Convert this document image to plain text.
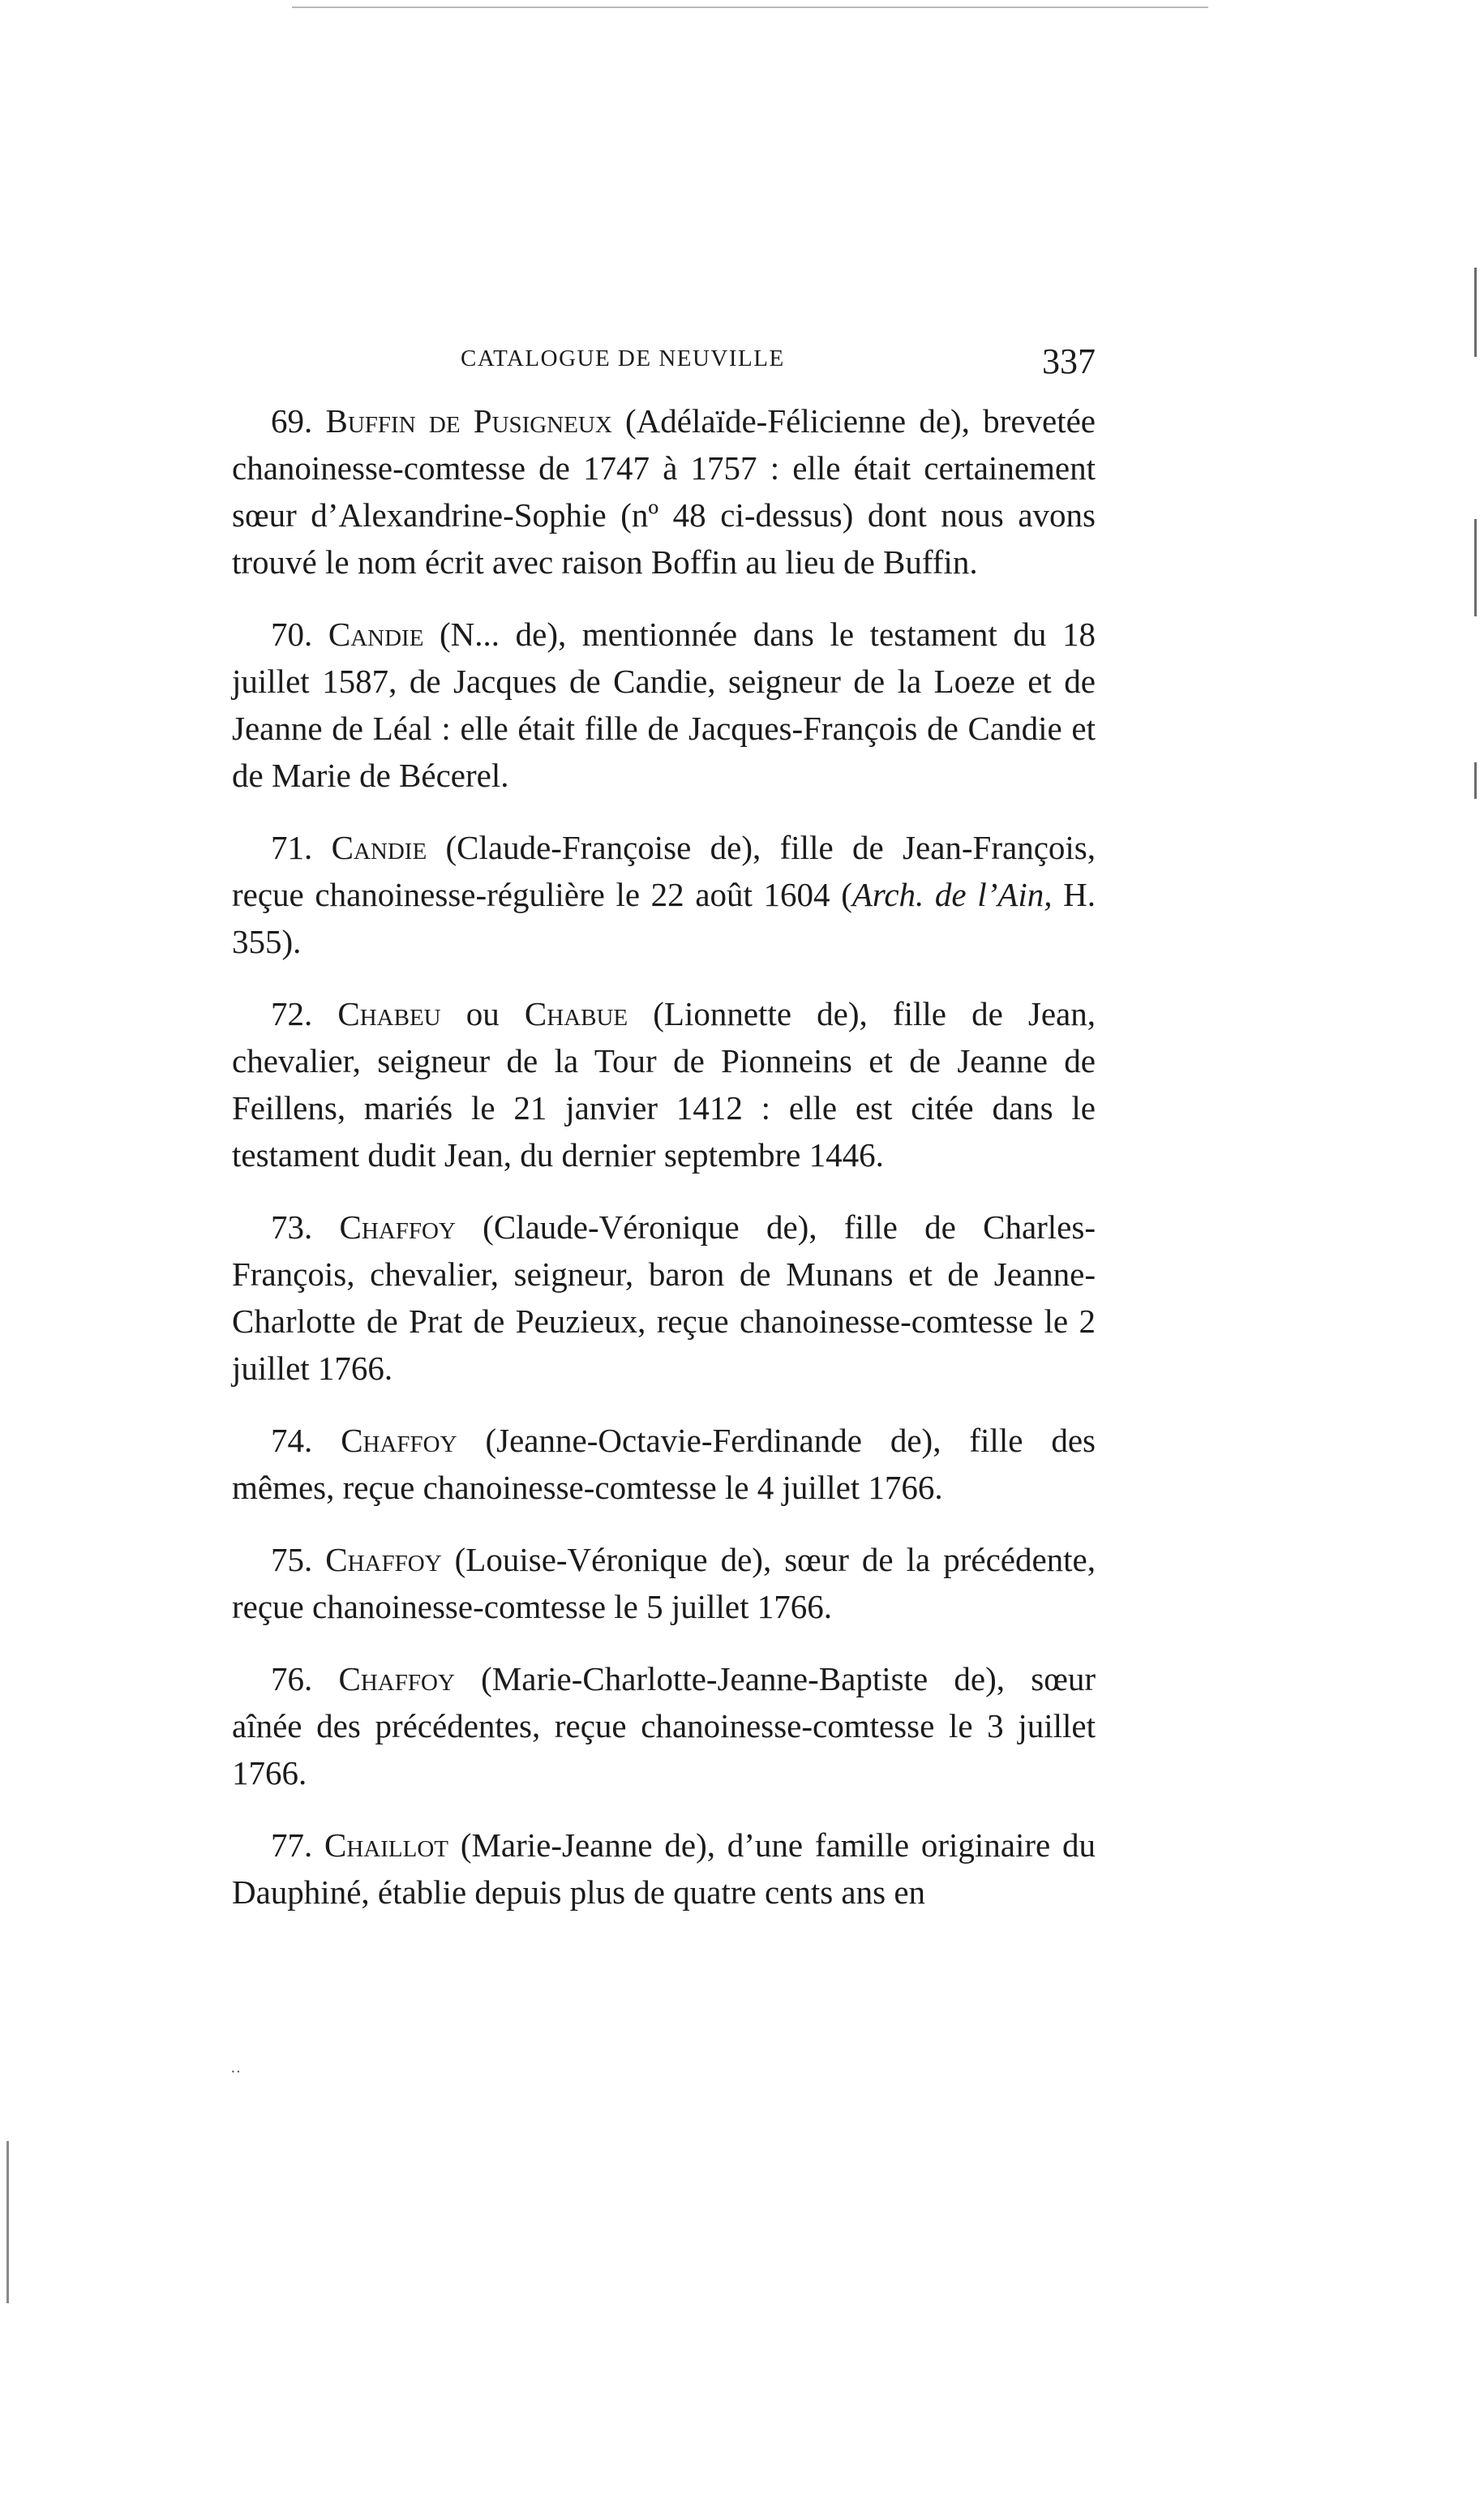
CATALOGUE DE NEUVILLE	337

69. Buffin de Pusigneux (Adélaïde-Félicienne de), brevetée chanoinesse-comtesse de 1747 à 1757 : elle était certainement sœur d’Alexandrine-Sophie (nº 48 ci-dessus) dont nous avons trouvé le nom écrit avec raison Boffin au lieu de Buffin.

70. Candie (N... de), mentionnée dans le testament du 18 juillet 1587, de Jacques de Candie, seigneur de la Loeze et de Jeanne de Léal : elle était fille de Jacques-François de Candie et de Marie de Bécerel.

71. Candie (Claude-Françoise de), fille de Jean-François, reçue chanoinesse-régulière le 22 août 1604 (Arch. de l’Ain, H. 355).

72. Chabeu ou Chabue (Lionnette de), fille de Jean, chevalier, seigneur de la Tour de Pionneins et de Jeanne de Feillens, mariés le 21 janvier 1412 : elle est citée dans le testament dudit Jean, du dernier septembre 1446.

73. Chaffoy (Claude-Véronique de), fille de Charles-François, chevalier, seigneur, baron de Munans et de Jeanne-Charlotte de Prat de Peuzieux, reçue chanoinesse-comtesse le 2 juillet 1766.

74. Chaffoy (Jeanne-Octavie-Ferdinande de), fille des mêmes, reçue chanoinesse-comtesse le 4 juillet 1766.

75. Chaffoy (Louise-Véronique de), sœur de la précédente, reçue chanoinesse-comtesse le 5 juillet 1766.

76. Chaffoy (Marie-Charlotte-Jeanne-Baptiste de), sœur aînée des précédentes, reçue chanoinesse-comtesse le 3 juillet 1766.

77. Chaillot (Marie-Jeanne de), d’une famille originaire du Dauphiné, établie depuis plus de quatre cents ans en

··
